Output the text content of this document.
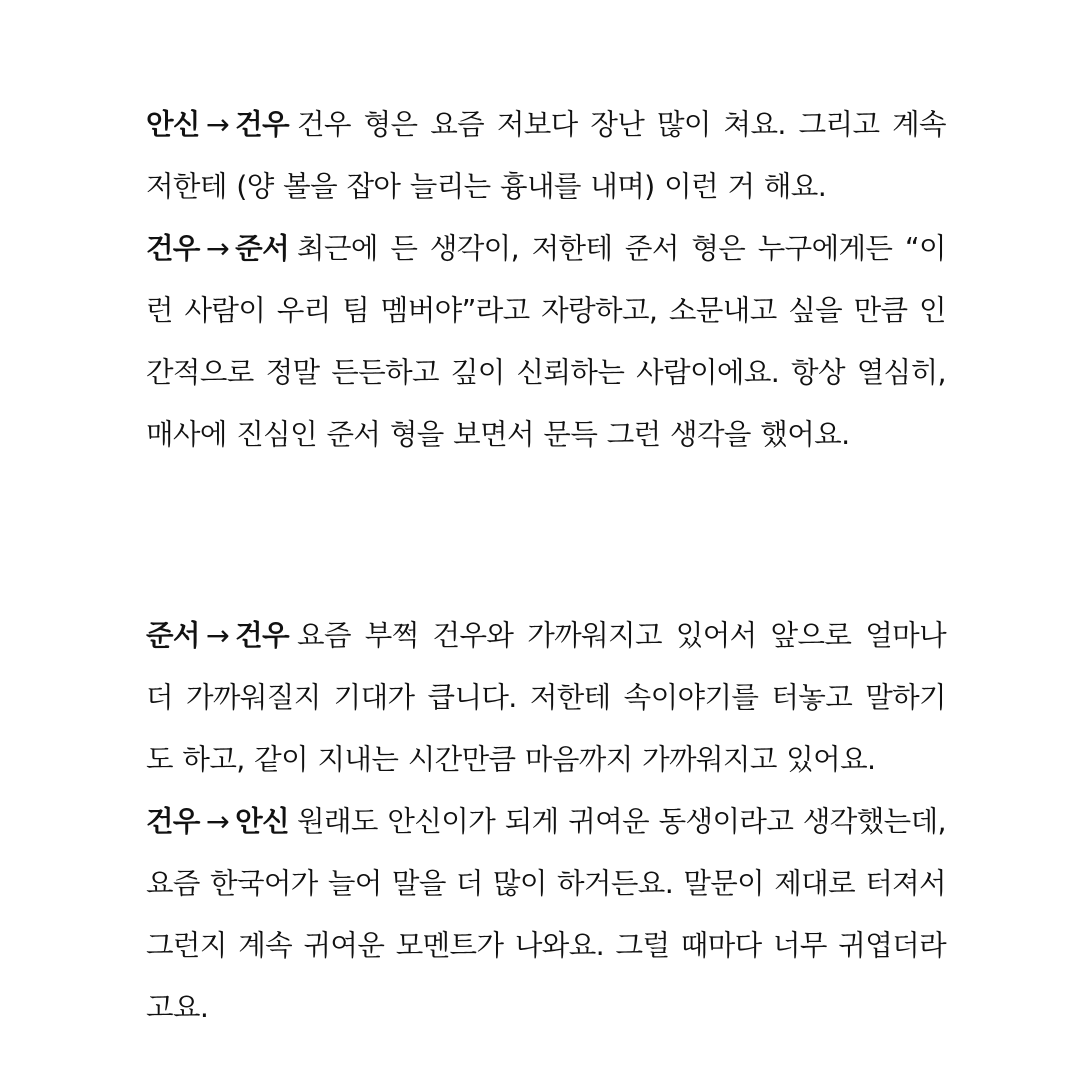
안신 → 건우 건우 형은 요즘 저보다 장난 많이 쳐요. 그리고 계속 저한테 (양 볼을 잡아 늘리는 흉내를 내며) 이런 거 해요.

건우 → 준서 최근에 든 생각이, 저한테 준서 형은 누구에게든 “이런 사람이 우리 팀 멤버야”라고 자랑하고, 소문내고 싶을 만큼 인간적으로 정말 든든하고 깊이 신뢰하는 사람이에요. 항상 열심히, 매사에 진심인 준서 형을 보면서 문득 그런 생각을 했어요.

준서 → 건우 요즘 부쩍 건우와 가까워지고 있어서 앞으로 얼마나 더 가까워질지 기대가 큽니다. 저한테 속이야기를 터놓고 말하기도 하고, 같이 지내는 시간만큼 마음까지 가까워지고 있어요.

건우 → 안신 원래도 안신이가 되게 귀여운 동생이라고 생각했는데, 요즘 한국어가 늘어 말을 더 많이 하거든요. 말문이 제대로 터져서 그런지 계속 귀여운 모멘트가 나와요. 그럴 때마다 너무 귀엽더라고요.
